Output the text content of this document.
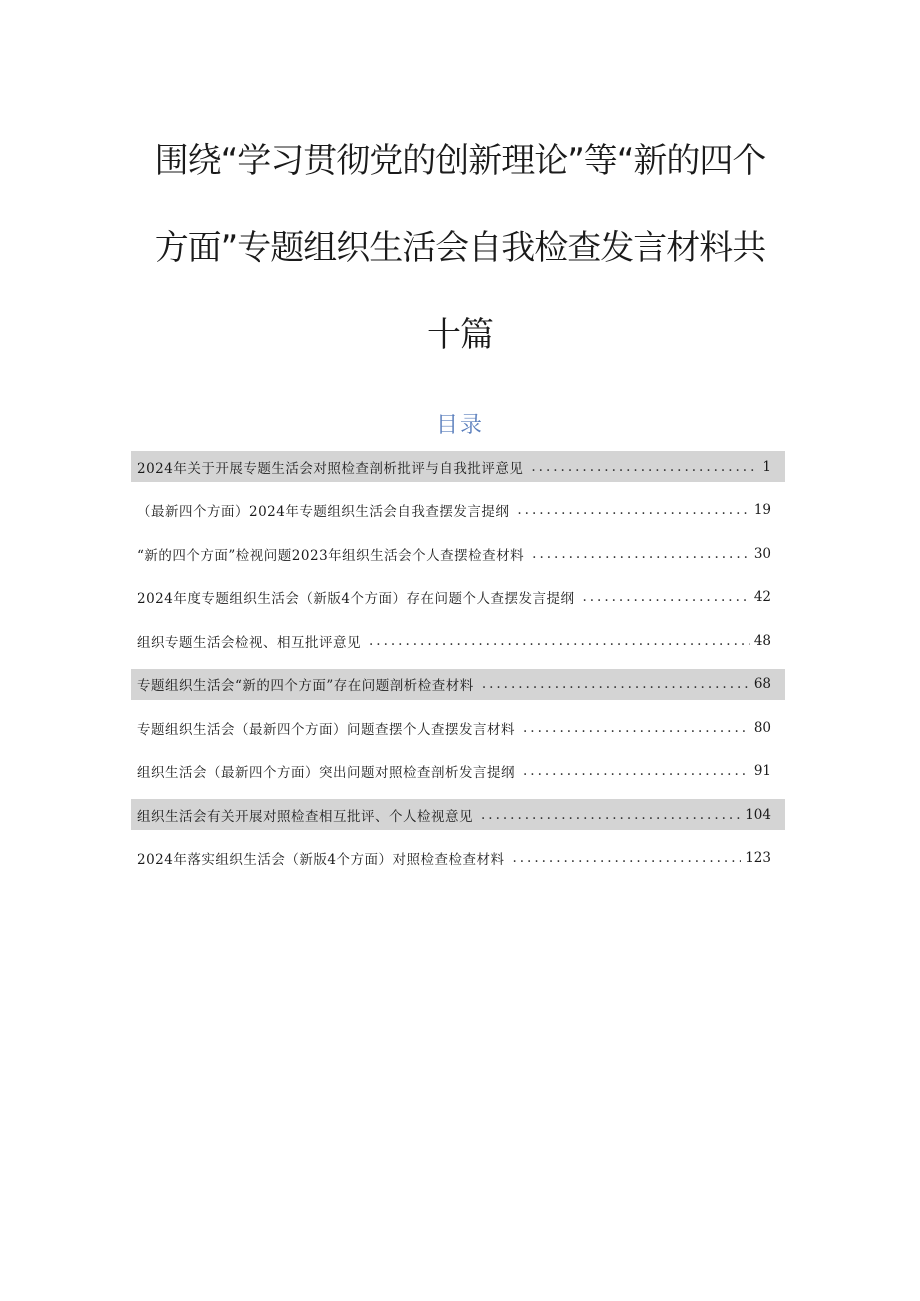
围绕“学习贯彻党的创新理论”等“新的四个
方面”专题组织生活会自我检查发言材料共
十篇
目录
2024年关于开展专题生活会对照检查剖析批评与自我批评意见 .....	1
（最新四个方面）2024年专题组织生活会自我查摆发言提纲 .....	19
“新的四个方面”检视问题2023年组织生活会个人查摆检查材料 .....	30
2024年度专题组织生活会（新版4个方面）存在问题个人查摆发言提纲 .....	42
组织专题生活会检视、相互批评意见 .....	48
专题组织生活会“新的四个方面”存在问题剖析检查材料 .....	68
专题组织生活会（最新四个方面）问题查摆个人查摆发言材料 .....	80
组织生活会（最新四个方面）突出问题对照检查剖析发言提纲 .....	91
组织生活会有关开展对照检查相互批评、个人检视意见 .....	104
2024年落实组织生活会（新版4个方面）对照检查检查材料 .....	123
